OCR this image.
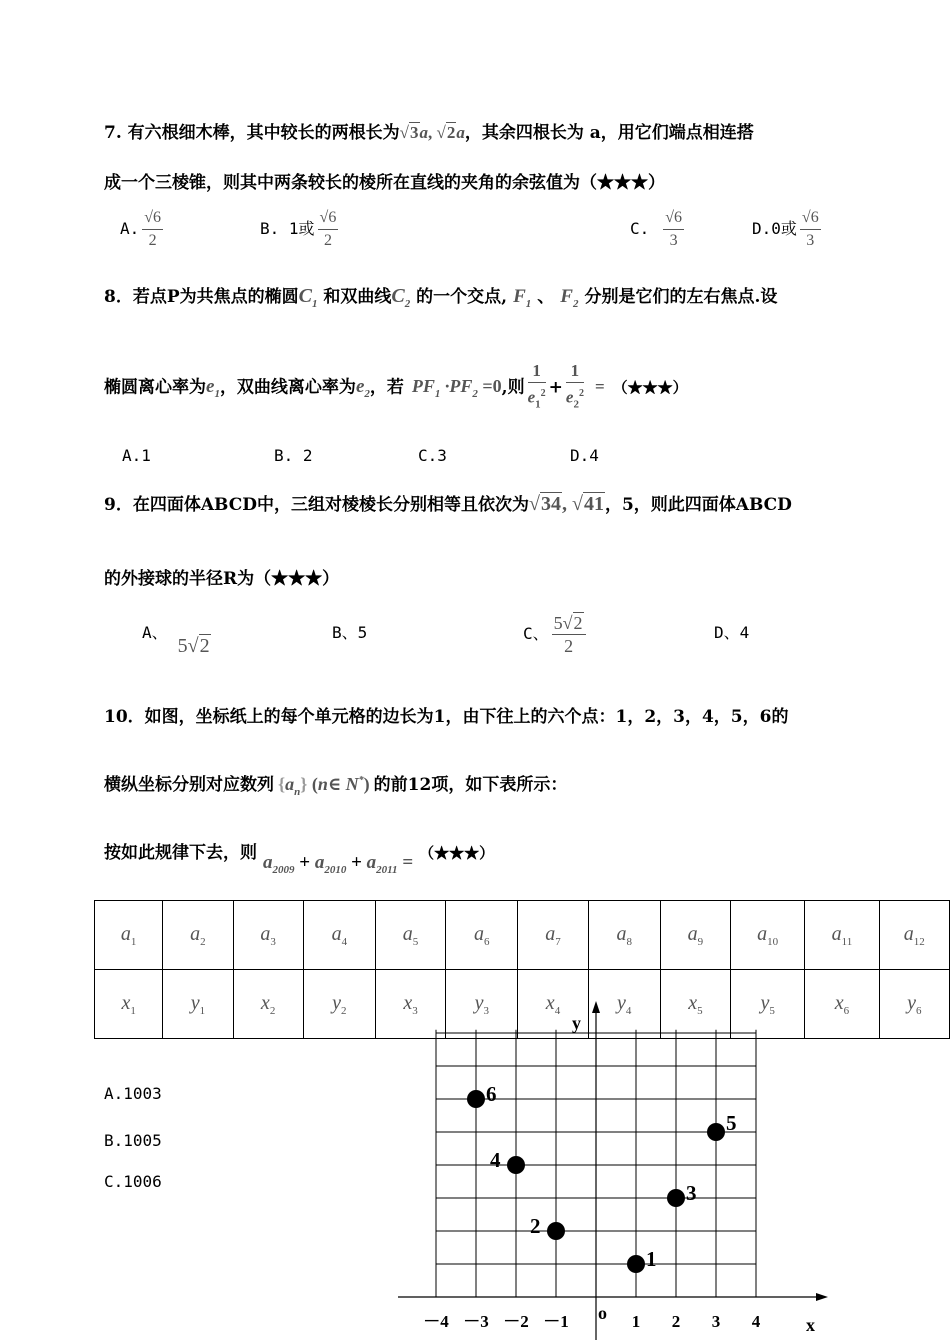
7. 有六根细木棒，其中较长的两根长为√3a, √2a，其余四根长为 a，用它们端点相连搭
成一个三棱锥，则其中两条较长的棱所在直线的夹角的余弦值为（★★★）
A. $\frac{√6}{2}$	B. 1或 $\frac{√6}{2}$	C. $\frac{√6}{3}$	D.0或 $\frac{√6}{3}$
8．若点P为共焦点的椭圆$C_1$ 和双曲线$C_2$ 的一个交点, $F_1$ 、 $F_2$ 分别是它们的左右焦点.设
椭圆离心率为$e_1$，双曲线离心率为$e_2$，若 $PF_1 \cdot PF_2 =0$,则 $\frac{1}{e_1^2} + \frac{1}{e_2^2}$ = （★★★）
A.1	B. 2	C.3	D.4
9．在四面体ABCD中，三组对棱棱长分别相等且依次为√34, √41，5，则此四面体ABCD
的外接球的半径R为（★★★）
A、5√2
B、5	C、 $\frac{5√2}{2}$	D、4
10．如图，坐标纸上的每个单元格的边长为1，由下往上的六个点：1，2，3，4，5，6的
横纵坐标分别对应数列 $\{a_n\}$ (n∈ N*) 的前12项，如下表所示：
按如此规律下去，则 $a_{2009} + a_{2010} + a_{2011}$ = （★★★）
$a_1$	$a_2$	$a_3$	$a_4$	$a_5$	$a_6$	$a_7$	$a_8$	$a_9$	$a_{10}$	$a_{11}$	$a_{12}$
$x_1$	$y_1$	$x_2$	$y_2$	$x_3$	$y_3$	$x_4$	$y_4$	$x_5$	$y_5$	$x_6$	$y_6$
A.1003
B.1005
C.1006
x
y
o
－4 －3 －2 －1	1 2 3 4
1
2
3
4
5
6
